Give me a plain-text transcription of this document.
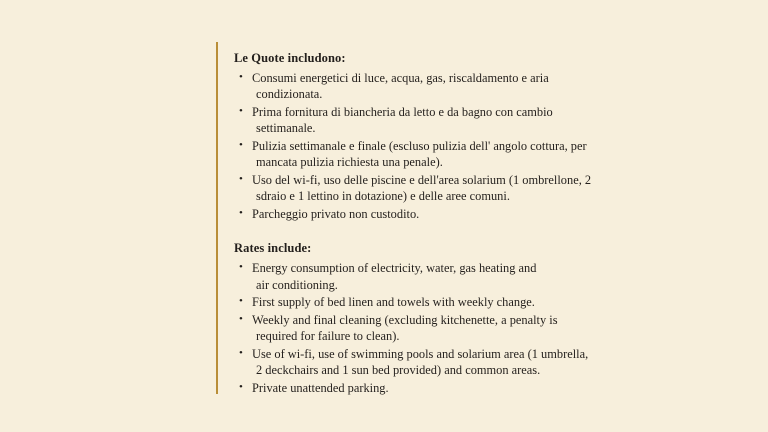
Le Quote includono:
• Consumi energetici di luce, acqua, gas, riscaldamento e aria
condizionata.
• Prima fornitura di biancheria da letto e da bagno con cambio
settimanale.
• Pulizia settimanale e finale (escluso pulizia dell' angolo cottura, per
mancata pulizia richiesta una penale).
• Uso del wi-fi, uso delle piscine e dell'area solarium (1 ombrellone, 2
sdraio e 1 lettino in dotazione) e delle aree comuni.
• Parcheggio privato non custodito.
Rates include:
• Energy consumption of electricity, water, gas heating and
air conditioning.
• First supply of bed linen and towels with weekly change.
• Weekly and final cleaning (excluding kitchenette, a penalty is
required for failure to clean).
• Use of wi-fi, use of swimming pools and solarium area (1 umbrella,
2 deckchairs and 1 sun bed provided) and common areas.
• Private unattended parking.
